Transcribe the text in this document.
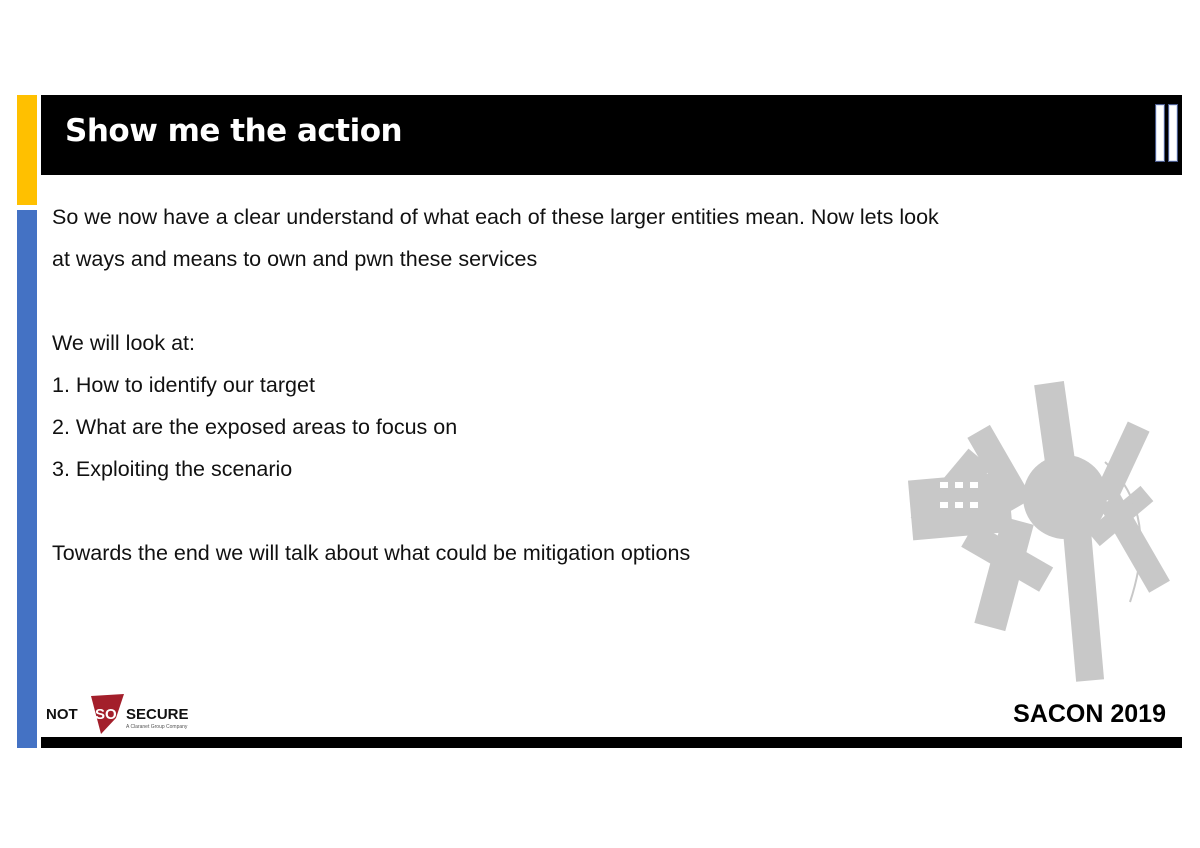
Show me the action
So we now have a clear understand of what each of these larger entities mean. Now lets look
at ways and means to own and pwn these services
We will look at:
1. How to identify our target
2. What are the exposed areas to focus on
3. Exploiting the scenario
Towards the end we will talk about what could be mitigation options
NOT SO SECURE
A Claranet Group Company	SACON 2019
